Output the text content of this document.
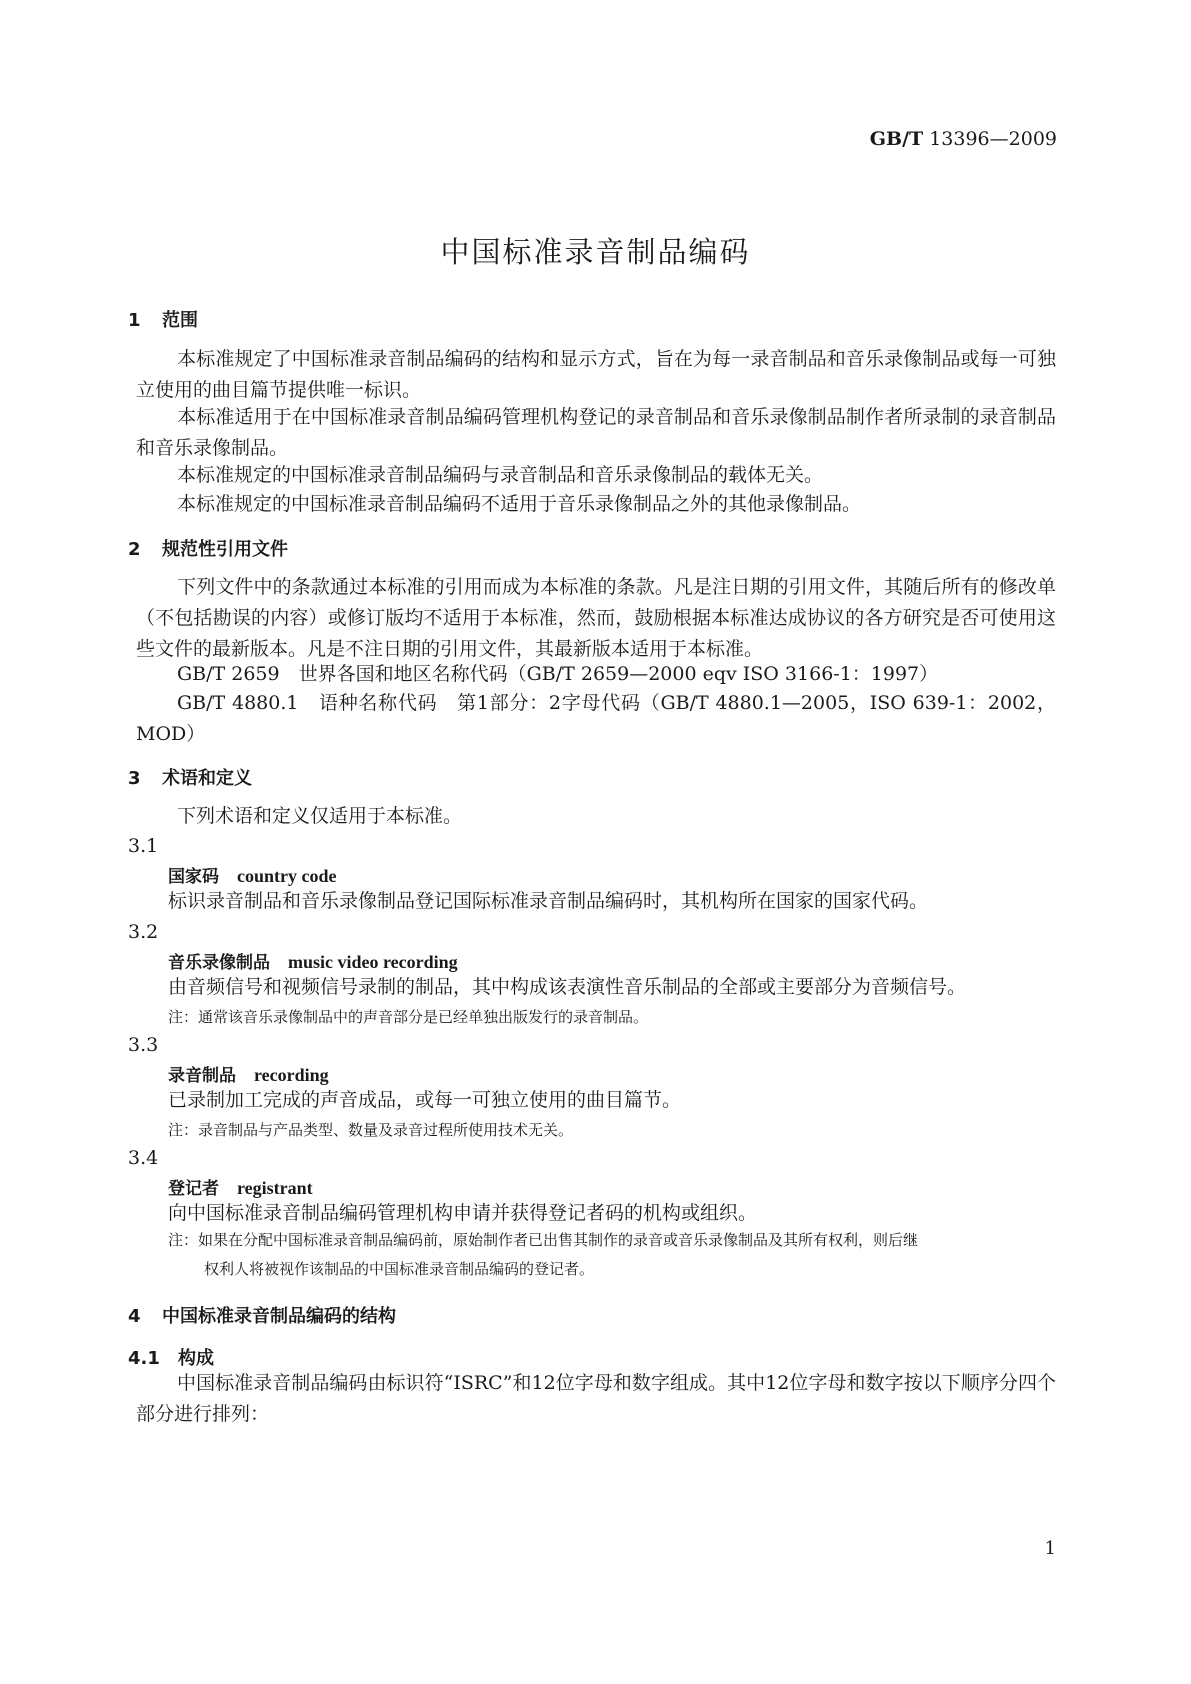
GB/T 13396—2009
中国标准录音制品编码
1 范围
本标准规定了中国标准录音制品编码的结构和显示方式，旨在为每一录音制品和音乐录像制品或每一可独立使用的曲目篇节提供唯一标识。
本标准适用于在中国标准录音制品编码管理机构登记的录音制品和音乐录像制品制作者所录制的录音制品和音乐录像制品。
本标准规定的中国标准录音制品编码与录音制品和音乐录像制品的载体无关。
本标准规定的中国标准录音制品编码不适用于音乐录像制品之外的其他录像制品。
2 规范性引用文件
下列文件中的条款通过本标准的引用而成为本标准的条款。凡是注日期的引用文件，其随后所有的修改单（不包括勘误的内容）或修订版均不适用于本标准，然而，鼓励根据本标准达成协议的各方研究是否可使用这些文件的最新版本。凡是不注日期的引用文件，其最新版本适用于本标准。
GB/T 2659　世界各国和地区名称代码（GB/T 2659—2000 eqv ISO 3166-1：1997）
GB/T 4880.1　语种名称代码　第1部分：2字母代码（GB/T 4880.1—2005，ISO 639-1：2002，MOD）
3 术语和定义
下列术语和定义仅适用于本标准。
3.1
国家码 country code
标识录音制品和音乐录像制品登记国际标准录音制品编码时，其机构所在国家的国家代码。
3.2
音乐录像制品 music video recording
由音频信号和视频信号录制的制品，其中构成该表演性音乐制品的全部或主要部分为音频信号。
注：通常该音乐录像制品中的声音部分是已经单独出版发行的录音制品。
3.3
录音制品 recording
已录制加工完成的声音成品，或每一可独立使用的曲目篇节。
注：录音制品与产品类型、数量及录音过程所使用技术无关。
3.4
登记者 registrant
向中国标准录音制品编码管理机构申请并获得登记者码的机构或组织。
注：如果在分配中国标准录音制品编码前，原始制作者已出售其制作的录音或音乐录像制品及其所有权利，则后继
权利人将被视作该制品的中国标准录音制品编码的登记者。
4 中国标准录音制品编码的结构
4.1 构成
中国标准录音制品编码由标识符“ISRC”和12位字母和数字组成。其中12位字母和数字按以下顺序分四个部分进行排列：
1
